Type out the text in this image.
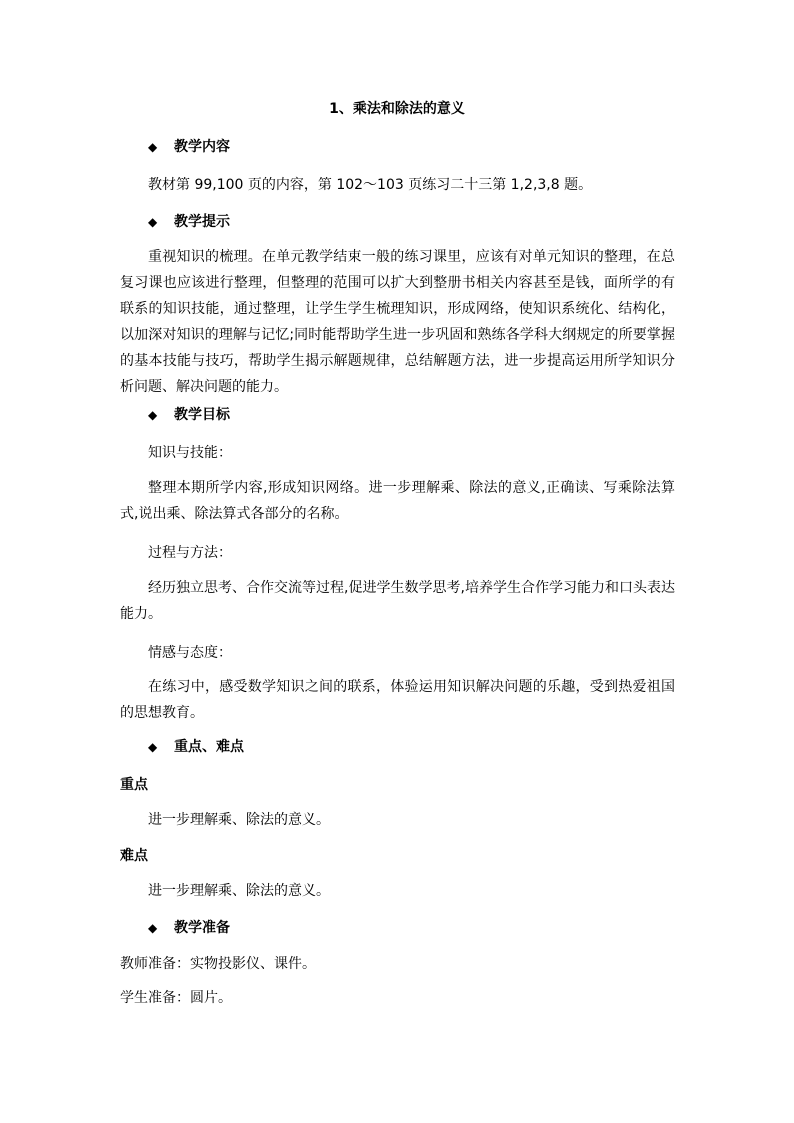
1、乘法和除法的意义

◆ 教学内容

教材第 99,100 页的内容，第 102～103 页练习二十三第 1,2,3,8 题。

◆ 教学提示

重视知识的梳理。在单元教学结束一般的练习课里，应该有对单元知识的整理，在总复习课也应该进行整理，但整理的范围可以扩大到整册书相关内容甚至是钱，面所学的有联系的知识技能，通过整理，让学生学生梳理知识，形成网络，使知识系统化、结构化，以加深对知识的理解与记忆;同时能帮助学生进一步巩固和熟练各学科大纲规定的所要掌握的基本技能与技巧，帮助学生揭示解题规律，总结解题方法，进一步提高运用所学知识分析问题、解决问题的能力。

◆ 教学目标

知识与技能：

整理本期所学内容,形成知识网络。进一步理解乘、除法的意义,正确读、写乘除法算式,说出乘、除法算式各部分的名称。

过程与方法：

经历独立思考、合作交流等过程,促进学生数学思考,培养学生合作学习能力和口头表达能力。

情感与态度：

在练习中，感受数学知识之间的联系，体验运用知识解决问题的乐趣，受到热爱祖国的思想教育。

◆ 重点、难点

重点

进一步理解乘、除法的意义。

难点

进一步理解乘、除法的意义。

◆ 教学准备

教师准备：实物投影仪、课件。

学生准备：圆片。
